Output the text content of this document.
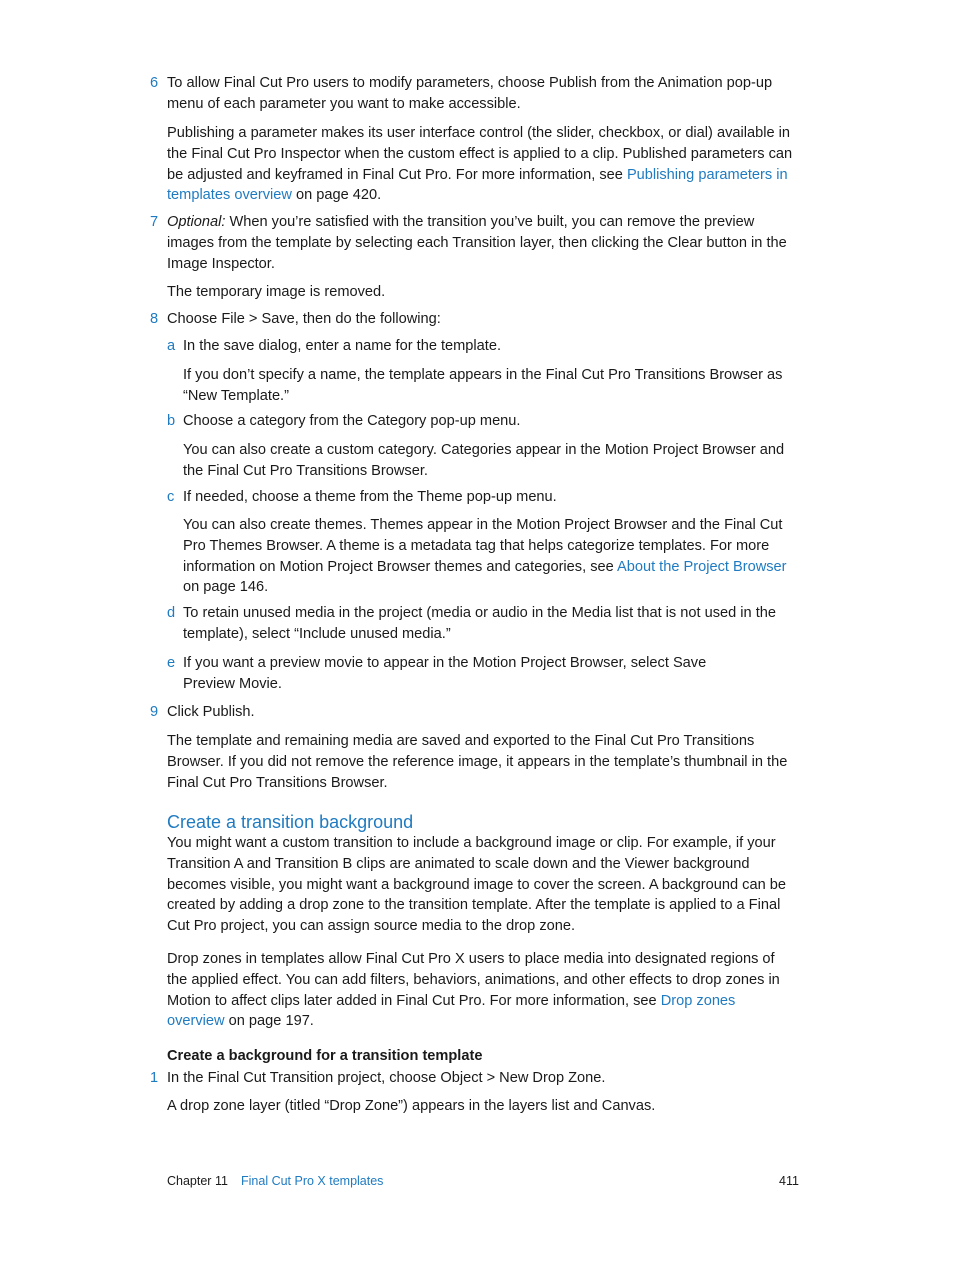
6 To allow Final Cut Pro users to modify parameters, choose Publish from the Animation pop-up menu of each parameter you want to make accessible.

Publishing a parameter makes its user interface control (the slider, checkbox, or dial) available in the Final Cut Pro Inspector when the custom effect is applied to a clip. Published parameters can be adjusted and keyframed in Final Cut Pro. For more information, see Publishing parameters in templates overview on page 420.

7 Optional: When you’re satisfied with the transition you’ve built, you can remove the preview images from the template by selecting each Transition layer, then clicking the Clear button in the Image Inspector.

The temporary image is removed.

8 Choose File > Save, then do the following:

a In the save dialog, enter a name for the template.

If you don’t specify a name, the template appears in the Final Cut Pro Transitions Browser as “New Template.”

b Choose a category from the Category pop-up menu.

You can also create a custom category. Categories appear in the Motion Project Browser and the Final Cut Pro Transitions Browser.

c If needed, choose a theme from the Theme pop-up menu.

You can also create themes. Themes appear in the Motion Project Browser and the Final Cut Pro Themes Browser. A theme is a metadata tag that helps categorize templates. For more information on Motion Project Browser themes and categories, see About the Project Browser on page 146.

d To retain unused media in the project (media or audio in the Media list that is not used in the template), select “Include unused media.”

e If you want a preview movie to appear in the Motion Project Browser, select Save Preview Movie.

9 Click Publish.

The template and remaining media are saved and exported to the Final Cut Pro Transitions Browser. If you did not remove the reference image, it appears in the template’s thumbnail in the Final Cut Pro Transitions Browser.

Create a transition background

You might want a custom transition to include a background image or clip. For example, if your Transition A and Transition B clips are animated to scale down and the Viewer background becomes visible, you might want a background image to cover the screen. A background can be created by adding a drop zone to the transition template. After the template is applied to a Final Cut Pro project, you can assign source media to the drop zone.

Drop zones in templates allow Final Cut Pro X users to place media into designated regions of the applied effect. You can add filters, behaviors, animations, and other effects to drop zones in Motion to affect clips later added in Final Cut Pro. For more information, see Drop zones overview on page 197.

Create a background for a transition template
1 In the Final Cut Transition project, choose Object > New Drop Zone.

A drop zone layer (titled “Drop Zone”) appears in the layers list and Canvas.

Chapter 11 Final Cut Pro X templates	411
